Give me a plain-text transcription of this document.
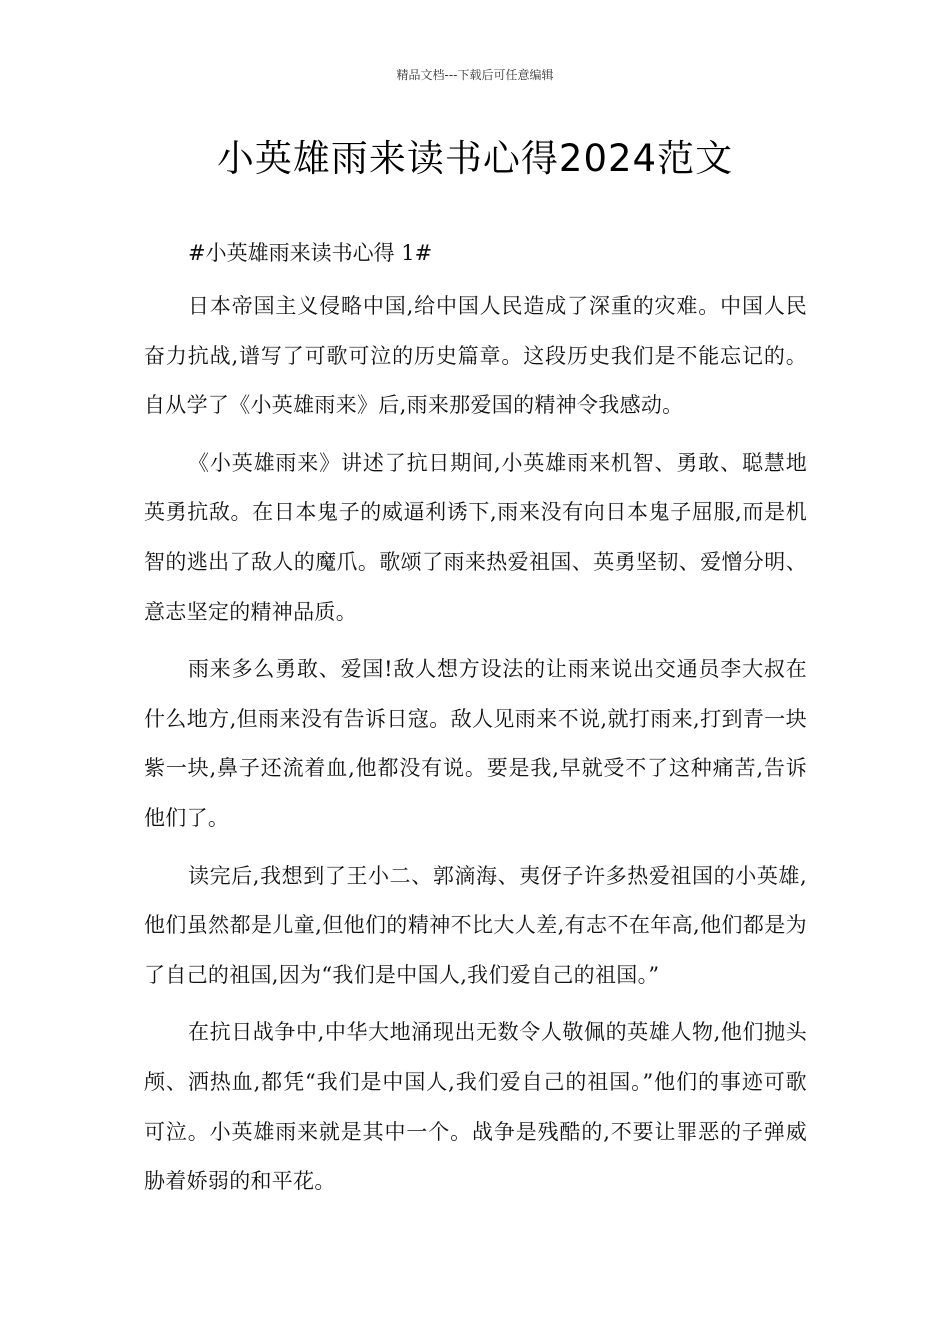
精品文档---下载后可任意编辑
小英雄雨来读书心得2024范文

#小英雄雨来读书心得 1#

日本帝国主义侵略中国,给中国人民造成了深重的灾难。中国人民奋力抗战,谱写了可歌可泣的历史篇章。这段历史我们是不能忘记的。自从学了《小英雄雨来》后,雨来那爱国的精神令我感动。

《小英雄雨来》讲述了抗日期间,小英雄雨来机智、勇敢、聪慧地英勇抗敌。在日本鬼子的威逼利诱下,雨来没有向日本鬼子屈服,而是机智的逃出了敌人的魔爪。歌颂了雨来热爱祖国、英勇坚韧、爱憎分明、意志坚定的精神品质。

雨来多么勇敢、爱国!敌人想方设法的让雨来说出交通员李大叔在什么地方,但雨来没有告诉日寇。敌人见雨来不说,就打雨来,打到青一块紫一块,鼻子还流着血,他都没有说。要是我,早就受不了这种痛苦,告诉他们了。

读完后,我想到了王小二、郭滴海、夷伢子许多热爱祖国的小英雄,他们虽然都是儿童,但他们的精神不比大人差,有志不在年高,他们都是为了自己的祖国,因为“我们是中国人,我们爱自己的祖国。”

在抗日战争中,中华大地涌现出无数令人敬佩的英雄人物,他们抛头颅、洒热血,都凭“我们是中国人,我们爱自己的祖国。”他们的事迹可歌可泣。小英雄雨来就是其中一个。战争是残酷的,不要让罪恶的子弹威胁着娇弱的和平花。
